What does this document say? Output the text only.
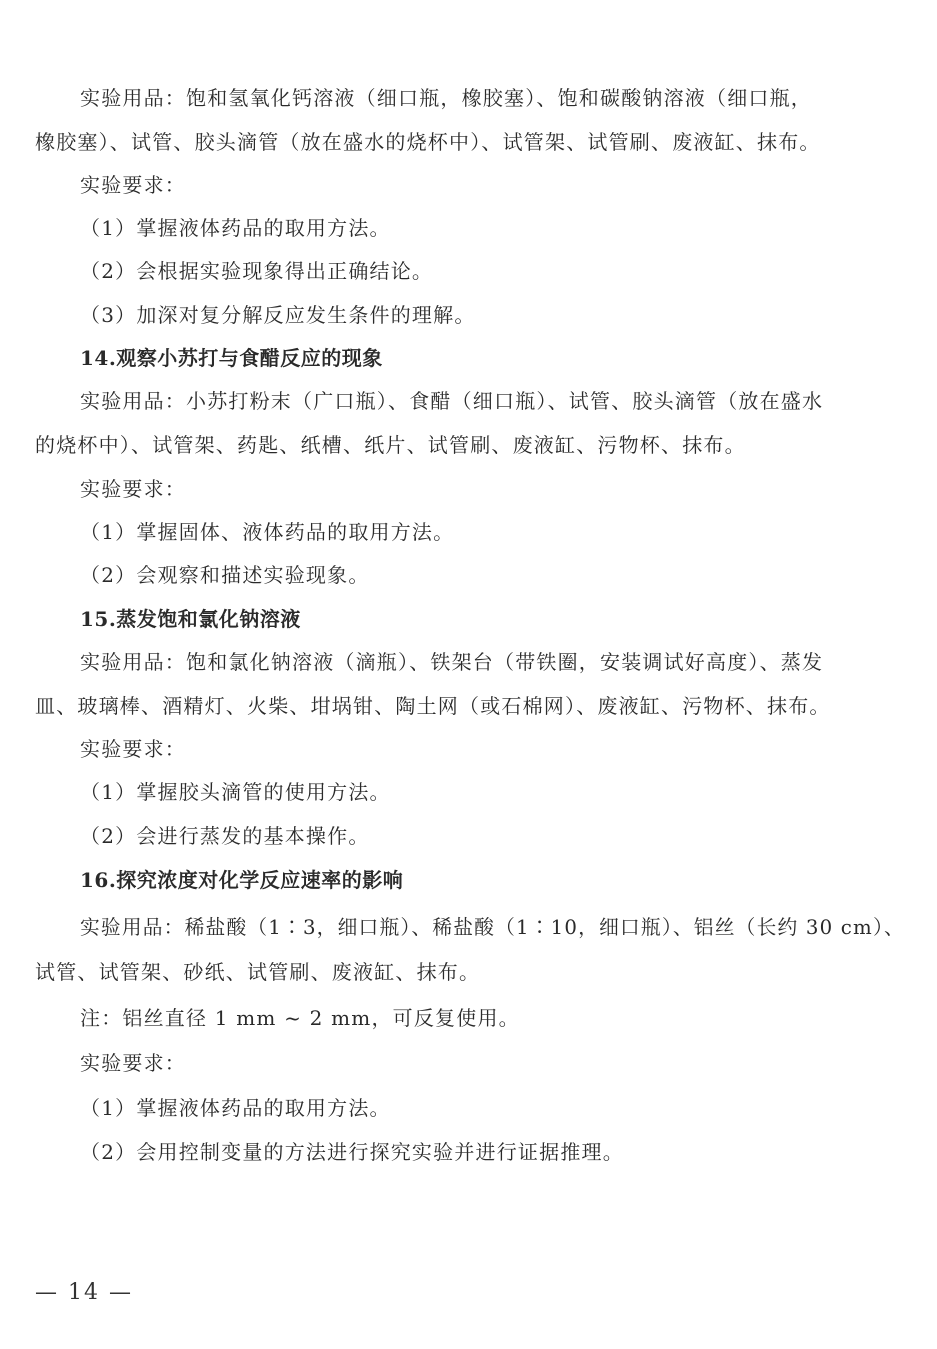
实验用品：饱和氢氧化钙溶液（细口瓶，橡胶塞）、饱和碳酸钠溶液（细口瓶，
橡胶塞）、试管、胶头滴管（放在盛水的烧杯中）、试管架、试管刷、废液缸、抹布。
实验要求：
（1）掌握液体药品的取用方法。
（2）会根据实验现象得出正确结论。
（3）加深对复分解反应发生条件的理解。
14.观察小苏打与食醋反应的现象
实验用品：小苏打粉末（广口瓶）、食醋（细口瓶）、试管、胶头滴管（放在盛水
的烧杯中）、试管架、药匙、纸槽、纸片、试管刷、废液缸、污物杯、抹布。
实验要求：
（1）掌握固体、液体药品的取用方法。
（2）会观察和描述实验现象。
15.蒸发饱和氯化钠溶液
实验用品：饱和氯化钠溶液（滴瓶）、铁架台（带铁圈，安装调试好高度）、蒸发
皿、玻璃棒、酒精灯、火柴、坩埚钳、陶土网（或石棉网）、废液缸、污物杯、抹布。
实验要求：
（1）掌握胶头滴管的使用方法。
（2）会进行蒸发的基本操作。
16.探究浓度对化学反应速率的影响
实验用品：稀盐酸（1∶3，细口瓶）、稀盐酸（1∶10，细口瓶）、铝丝（长约 30 cm）、
试管、试管架、砂纸、试管刷、废液缸、抹布。
注：铝丝直径 1 mm ~ 2 mm，可反复使用。
实验要求：
（1）掌握液体药品的取用方法。
（2）会用控制变量的方法进行探究实验并进行证据推理。
— 14 —
